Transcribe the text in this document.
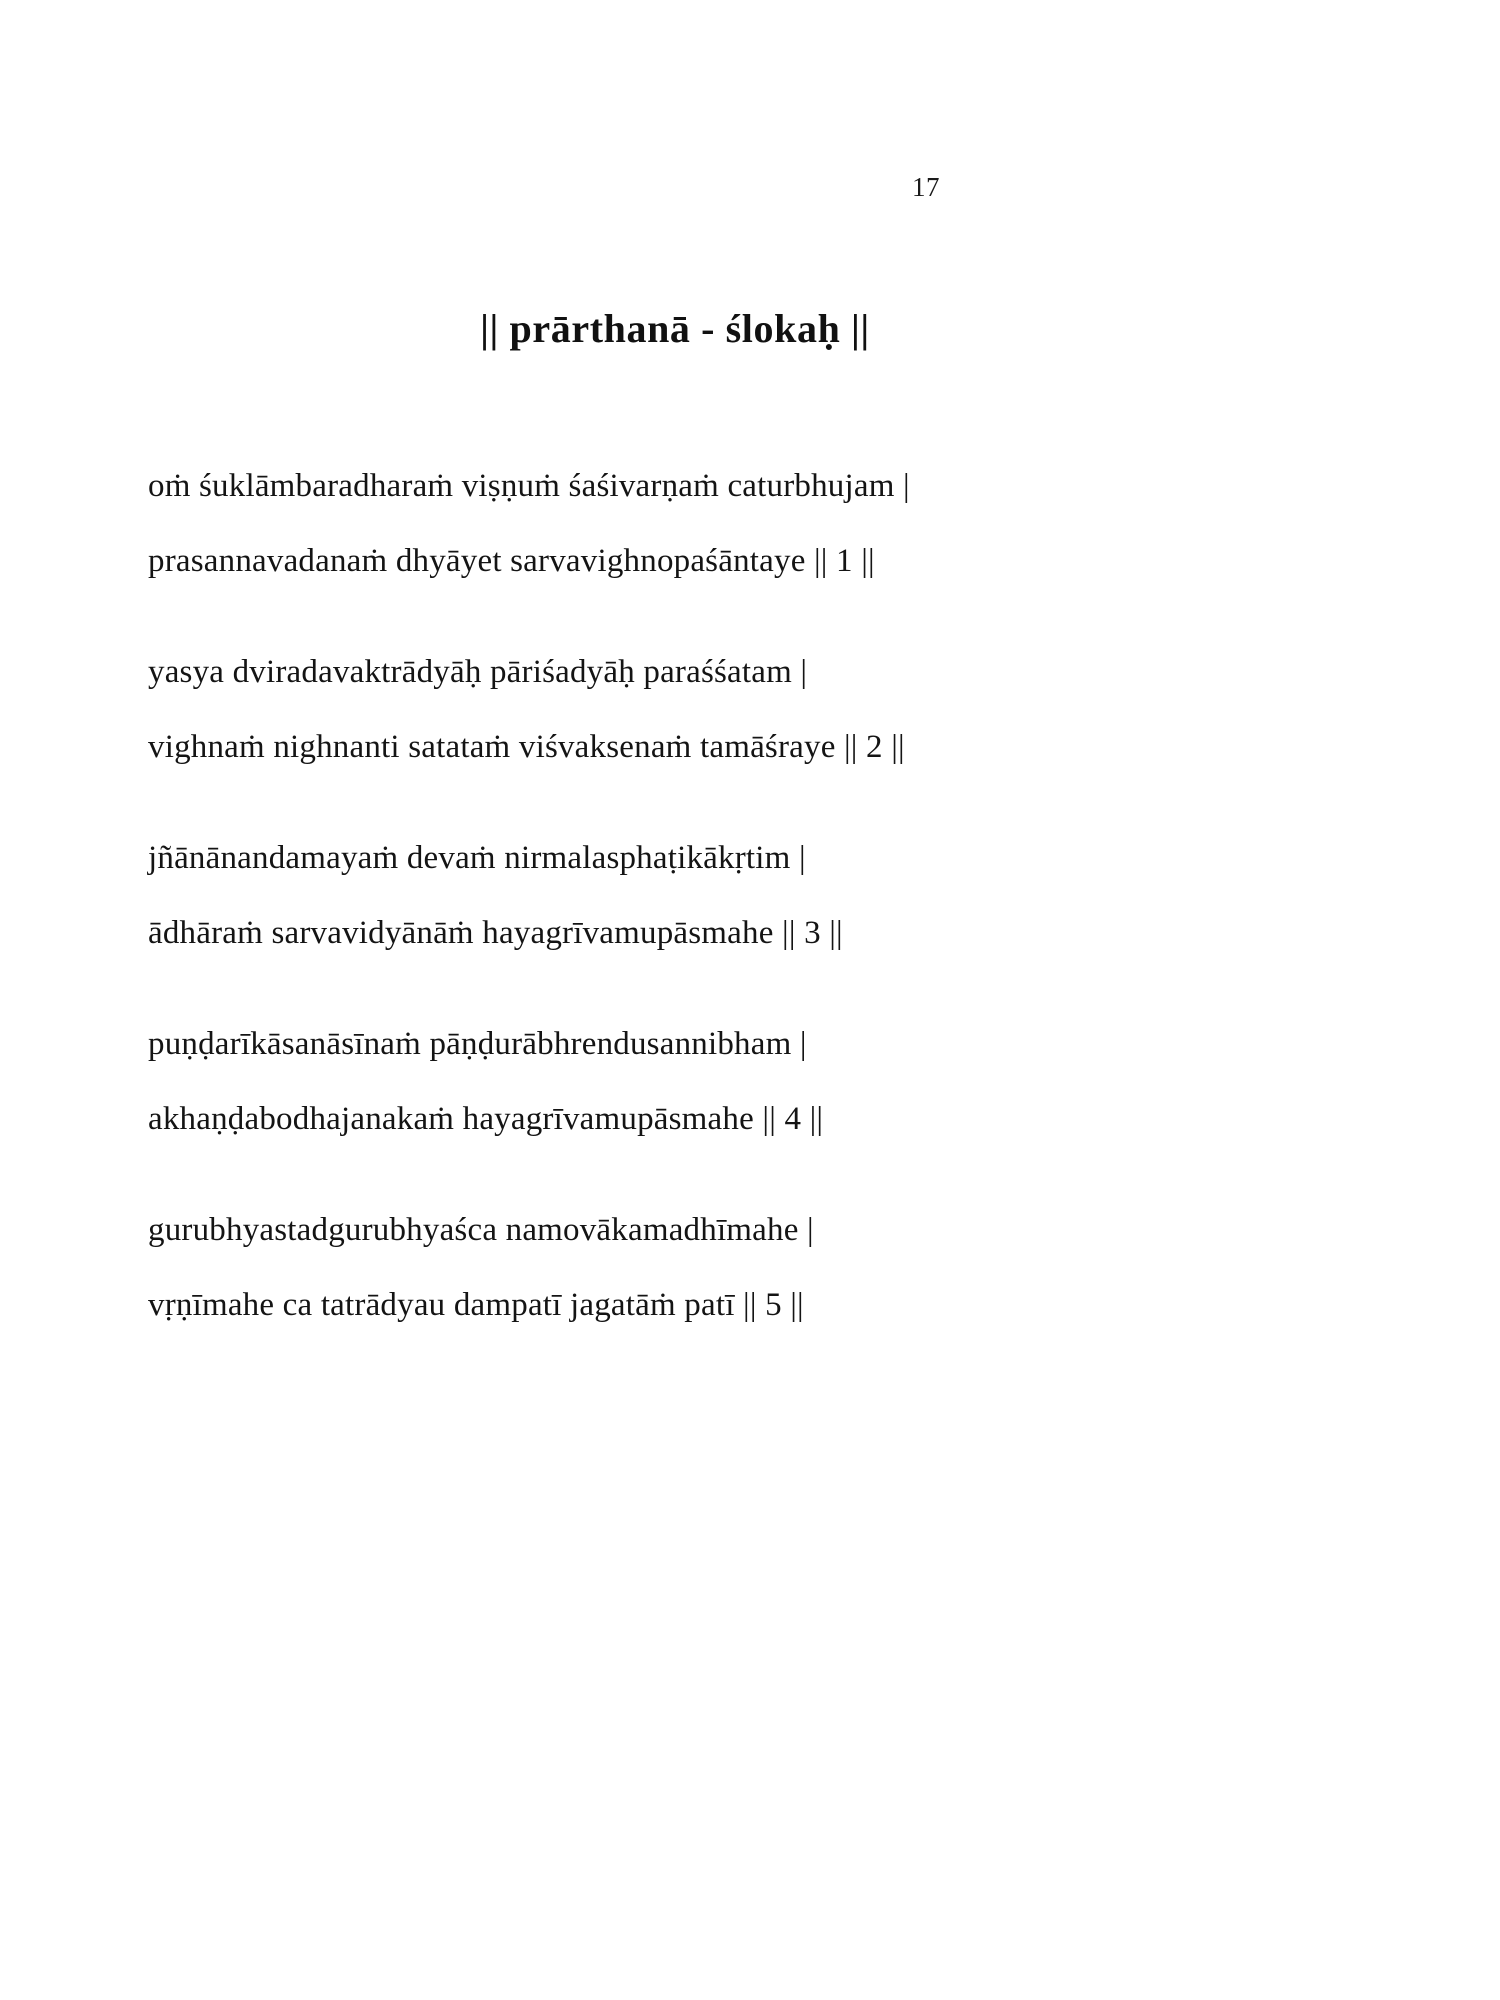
17
|| prārthanā - ślokaḥ ||
oṁ śuklāmbaradharaṁ viṣṇuṁ śaśivarṇaṁ caturbhujam |
prasannavadanaṁ dhyāyet sarvavighnopaśāntaye || 1 ||
yasya dviradavaktrādyāḥ pāriśadyāḥ paraśśatam |
vighnaṁ nighnanti satataṁ viśvaksenaṁ tamāśraye || 2 ||
jñānānandamayaṁ devaṁ nirmalasphaṭikākṛtim |
ādhāraṁ sarvavidyānāṁ hayagrīvamupāsmahe || 3 ||
puṇḍarīkāsanāsīnaṁ pāṇḍurābhrendusannibham |
akhaṇḍabodhajanakaṁ hayagrīvamupāsmahe || 4 ||
gurubhyastadgurubhyaśca namovākamadhīmahe |
vṛṇīmahe ca tatrādyau dampatī jagatāṁ patī || 5 ||
